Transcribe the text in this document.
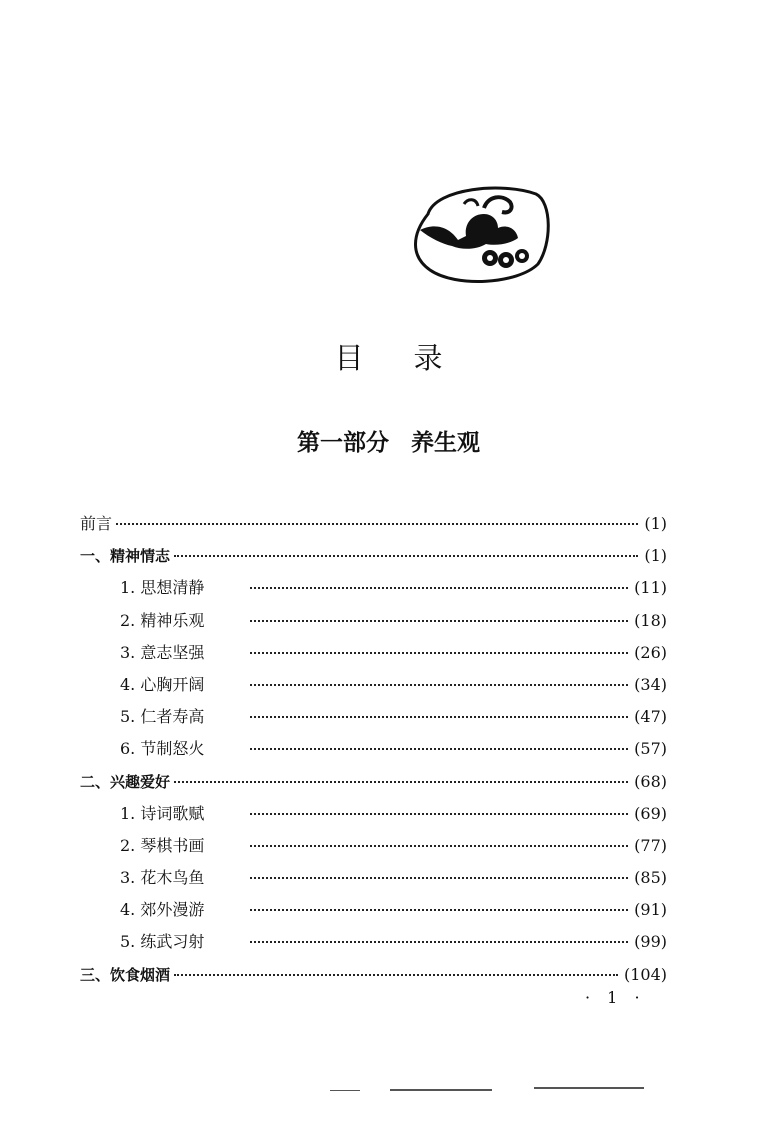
目 录
第一部分 养生观
前言	(1)
一、精神情志	(1)
1. 思想清静	(11)
2. 精神乐观	(18)
3. 意志坚强	(26)
4. 心胸开阔	(34)
5. 仁者寿高	(47)
6. 节制怒火	(57)
二、兴趣爱好	(68)
1. 诗词歌赋	(69)
2. 琴棋书画	(77)
3. 花木鸟鱼	(85)
4. 郊外漫游	(91)
5. 练武习射	(99)
三、饮食烟酒	(104)
· 1 ·
